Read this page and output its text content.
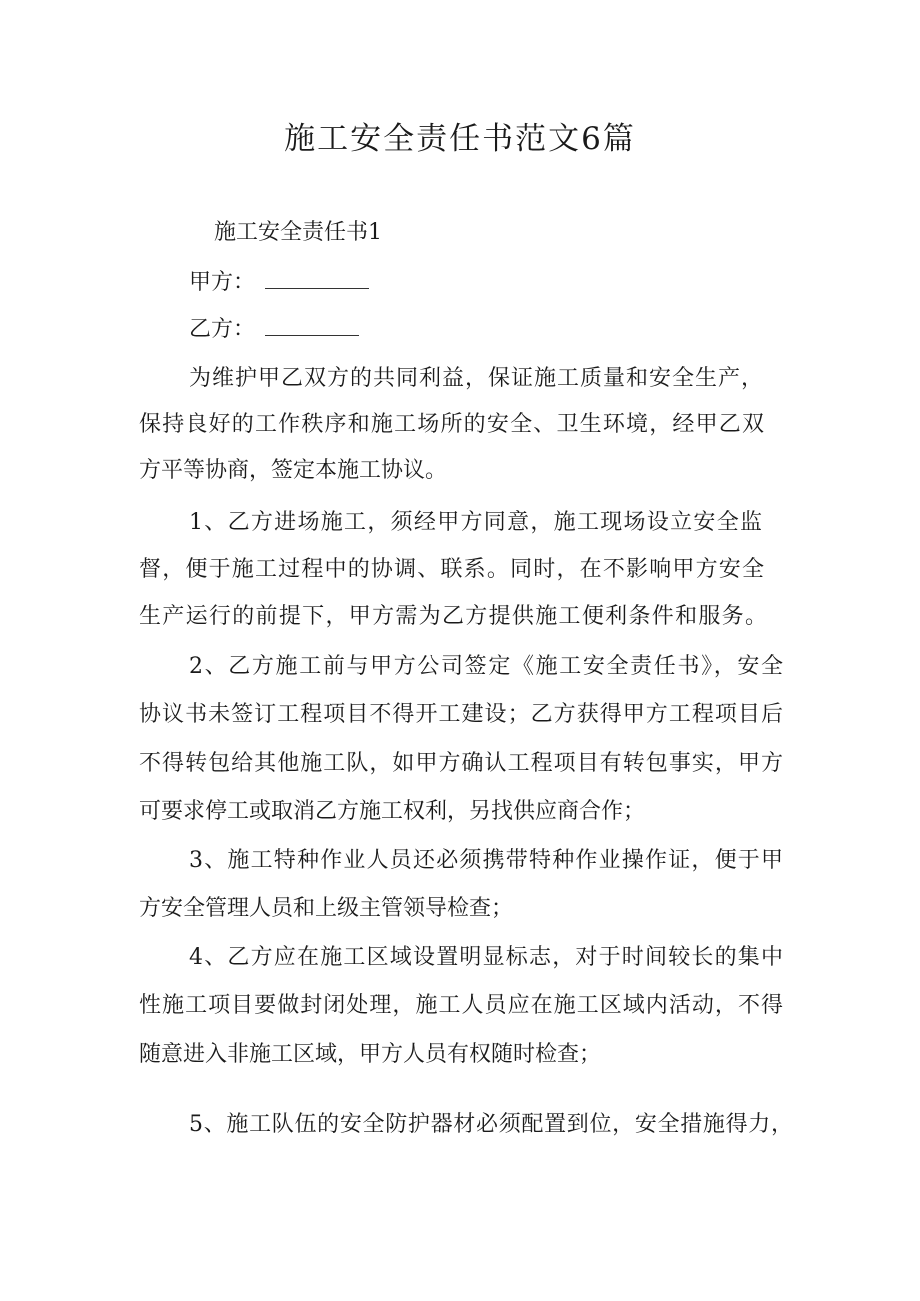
施工安全责任书范文6篇

施工安全责任书1

甲方：

乙方：

为维护甲乙双方的共同利益，保证施工质量和安全生产，

保持良好的工作秩序和施工场所的安全、卫生环境，经甲乙双

方平等协商，签定本施工协议。

1、乙方进场施工，须经甲方同意，施工现场设立安全监

督，便于施工过程中的协调、联系。同时，在不影响甲方安全

生产运行的前提下，甲方需为乙方提供施工便利条件和服务。

2、乙方施工前与甲方公司签定《施工安全责任书》，安全

协议书未签订工程项目不得开工建设；乙方获得甲方工程项目后

不得转包给其他施工队，如甲方确认工程项目有转包事实，甲方

可要求停工或取消乙方施工权利，另找供应商合作；

3、施工特种作业人员还必须携带特种作业操作证，便于甲

方安全管理人员和上级主管领导检查；

4、乙方应在施工区域设置明显标志，对于时间较长的集中

性施工项目要做封闭处理，施工人员应在施工区域内活动，不得

随意进入非施工区域，甲方人员有权随时检查；

5、施工队伍的安全防护器材必须配置到位，安全措施得力，
